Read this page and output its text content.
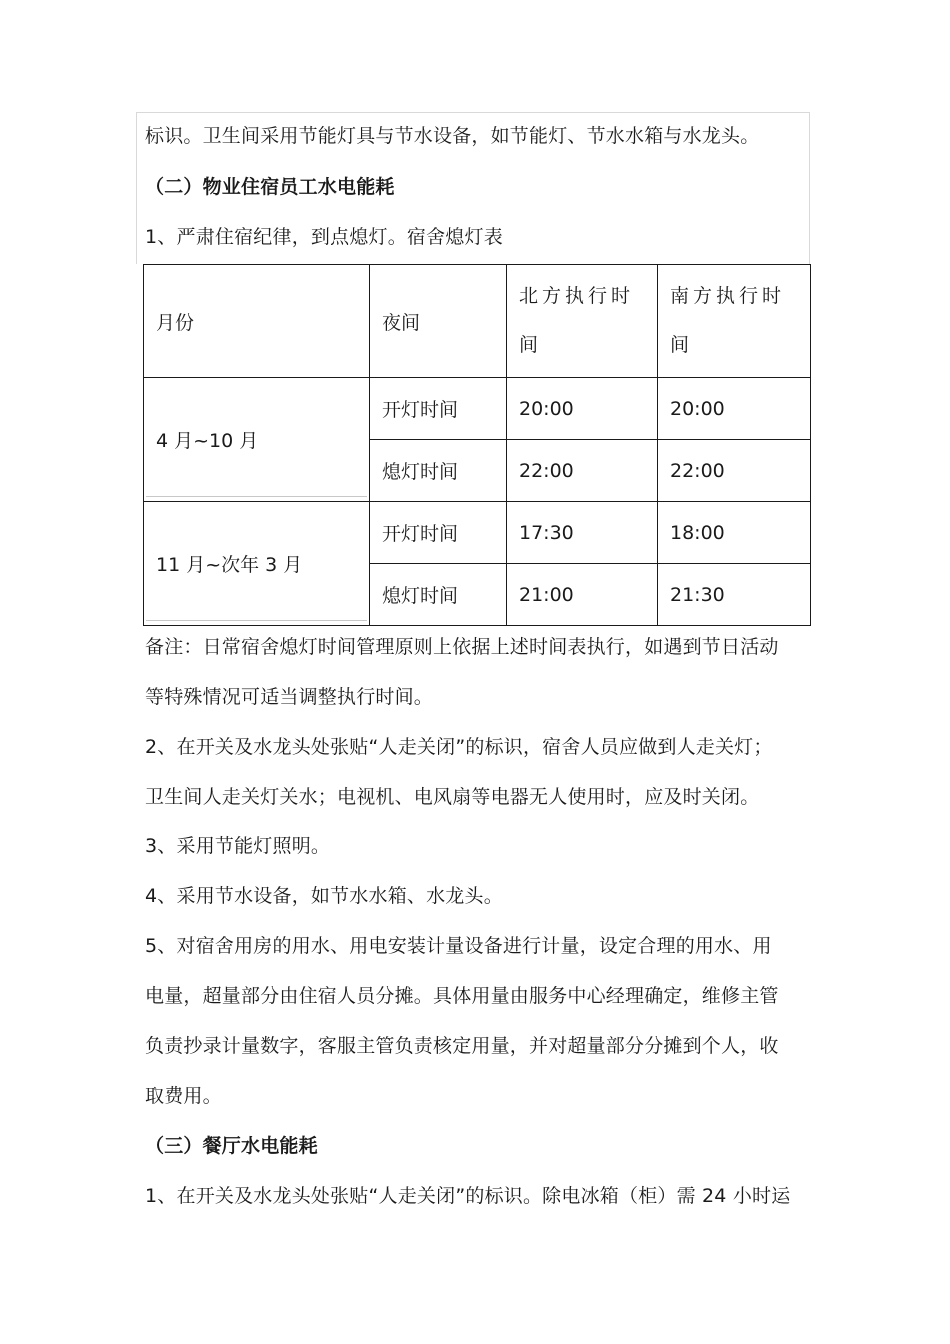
标识。卫生间采用节能灯具与节水设备，如节能灯、节水水箱与水龙头。
（二）物业住宿员工水电能耗
1、严肃住宿纪律，到点熄灯。宿舍熄灯表
月份	夜间	北方执行时间	南方执行时间

4 月~10 月	开灯时间	20:00	20:00
	熄灯时间	22:00	22:00
11 月~次年 3 月	开灯时间	17:30	18:00
	熄灯时间	21:00	21:30
备注：日常宿舍熄灯时间管理原则上依据上述时间表执行，如遇到节日活动
等特殊情况可适当调整执行时间。
2、在开关及水龙头处张贴“人走关闭”的标识，宿舍人员应做到人走关灯；
卫生间人走关灯关水；电视机、电风扇等电器无人使用时，应及时关闭。
3、采用节能灯照明。
4、采用节水设备，如节水水箱、水龙头。
5、对宿舍用房的用水、用电安装计量设备进行计量，设定合理的用水、用
电量，超量部分由住宿人员分摊。具体用量由服务中心经理确定，维修主管
负责抄录计量数字，客服主管负责核定用量，并对超量部分分摊到个人，收
取费用。
（三）餐厅水电能耗
1、在开关及水龙头处张贴“人走关闭”的标识。除电冰箱（柜）需 24 小时运
